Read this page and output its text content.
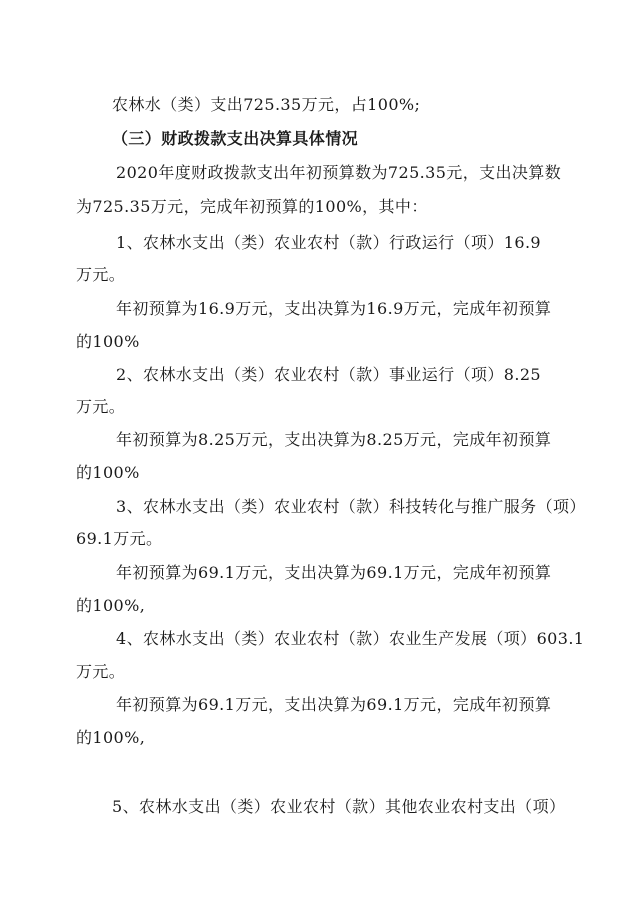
农林水（类）支出725.35万元，占100%;
（三）财政拨款支出决算具体情况
2020年度财政拨款支出年初预算数为725.35元，支出决算数
为725.35万元，完成年初预算的100%，其中：
1、农林水支出（类）农业农村（款）行政运行（项）16.9
万元。
年初预算为16.9万元，支出决算为16.9万元，完成年初预算
的100%
2、农林水支出（类）农业农村（款）事业运行（项）8.25
万元。
年初预算为8.25万元，支出决算为8.25万元，完成年初预算
的100%
3、农林水支出（类）农业农村（款）科技转化与推广服务（项）
69.1万元。
年初预算为69.1万元，支出决算为69.1万元，完成年初预算
的100%,
4、农林水支出（类）农业农村（款）农业生产发展（项）603.1
万元。
年初预算为69.1万元，支出决算为69.1万元，完成年初预算
的100%,
5、农林水支出（类）农业农村（款）其他农业农村支出（项）
